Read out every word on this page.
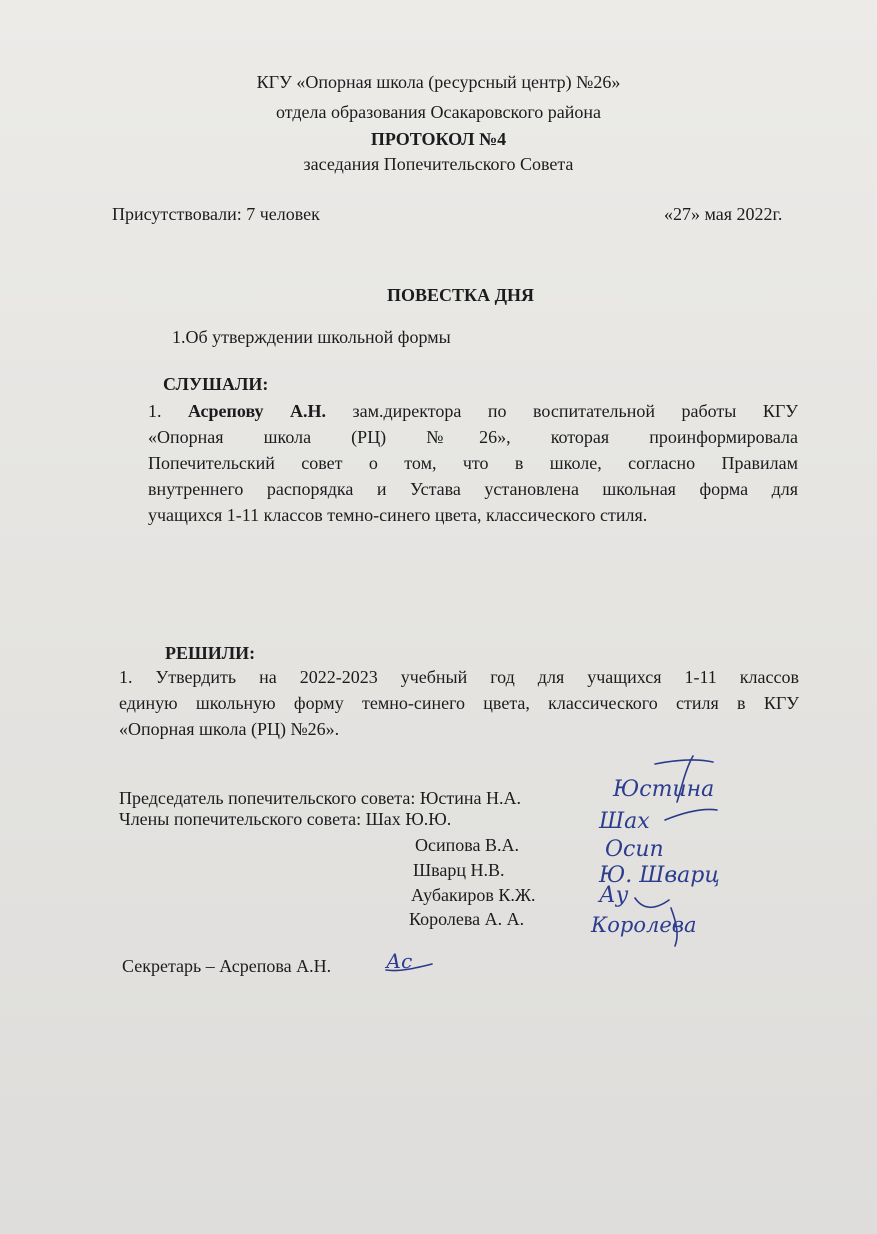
КГУ «Опорная школа (ресурсный центр) №26»

отдела образования Осакаровского района

ПРОТОКОЛ №4

заседания Попечительского Совета

Присутствовали: 7 человек	«27» мая 2022г.

ПОВЕСТКА ДНЯ

1.Об утверждении школьной формы

СЛУШАЛИ:

1. Асрепову А.Н. зам.директора по воспитательной работы КГУ
«Опорная школа (РЦ) №26», которая проинформировала
Попечительский совет о том, что в школе, согласно Правилам
внутреннего распорядка и Устава установлена школьная форма для
учащихся 1-11 классов темно-синего цвета, классического стиля.

РЕШИЛИ:

1. Утвердить на 2022-2023 учебный год для учащихся 1-11 классов
единую школьную форму темно-синего цвета, классического стиля в КГУ
«Опорная школа (РЦ) №26».

Председатель попечительского совета: Юстина Н.А.

Члены попечительского совета: Шах Ю.Ю.

Осипова В.А.

Шварц Н.В.

Аубакиров К.Ж.

Королева А. А.

Секретарь – Асрепова А.Н.

Юстина
Шах
Осип
Ю. Шварц
Ау
Королева
Ас
